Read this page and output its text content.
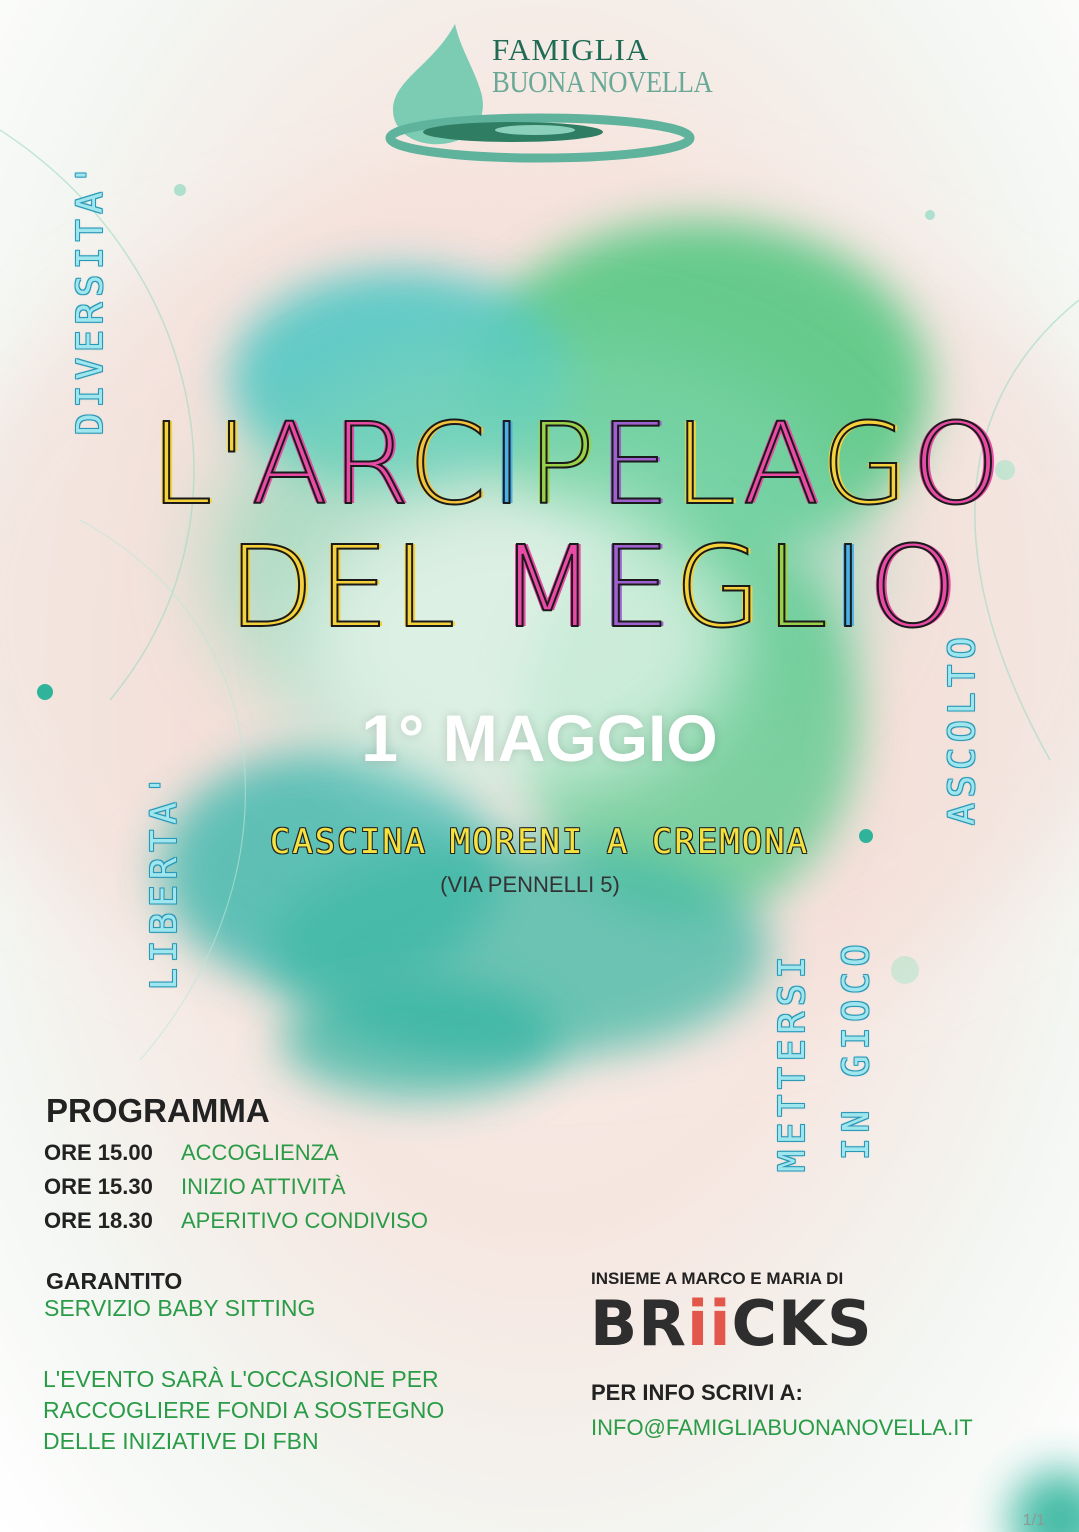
FAMIGLIA
BUONA NOVELLA
DIVERSITA'
LIBERTA'
ASCOLTO
METTERSI IN GIOCO
L'ARCIPELAGO
DEL MEGLIO
1° MAGGIO
CASCINA MORENI A CREMONA
(VIA PENNELLI 5)
PROGRAMMA
ORE 15.00 ACCOGLIENZA
ORE 15.30 INIZIO ATTIVITÀ
ORE 18.30 APERITIVO CONDIVISO
GARANTITO
SERVIZIO BABY SITTING
L'EVENTO SARÀ L'OCCASIONE PER
RACCOGLIERE FONDI A SOSTEGNO
DELLE INIZIATIVE DI FBN
INSIEME A MARCO E MARIA DI
BRiiCKS
PER INFO SCRIVI A:
INFO@FAMIGLIABUONANOVELLA.IT
1/1
